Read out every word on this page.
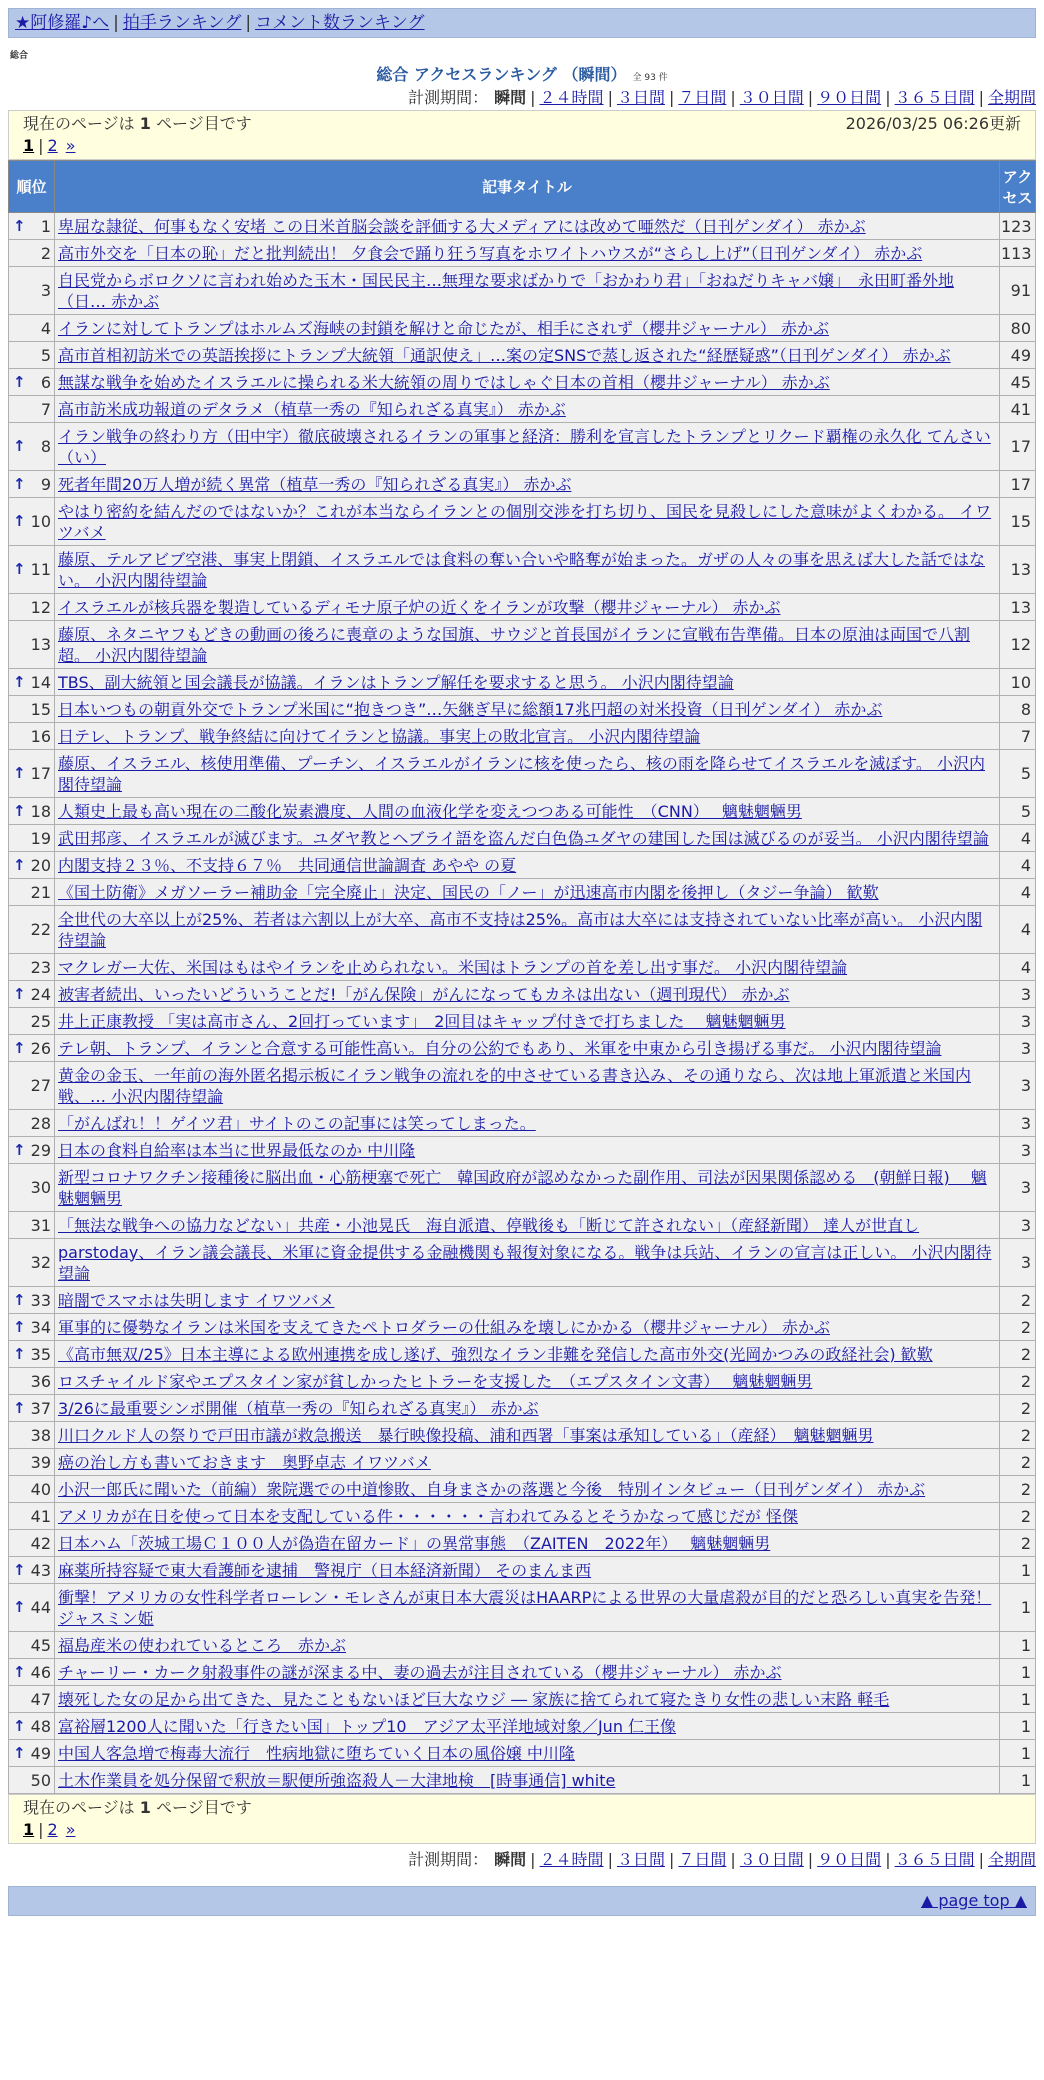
★阿修羅♪へ | 拍手ランキング | コメント数ランキング
総合
総合 アクセスランキング （瞬間） 全 93 件
計測期間： 瞬間 | ２４時間 | ３日間 | ７日間 | ３０日間 | ９０日間 | ３６５日間 | 全期間
現在のページは 1 ページ目です	2026/03/25 06:26更新
1 | 2 »
順位	記事タイトル	アクセス

↑ 1	卑屈な隷従、何事もなく安堵 この日米首脳会談を評価する大メディアには改めて唖然だ（日刊ゲンダイ） 赤かぶ	123
2	高市外交を「日本の恥」だと批判続出！ 夕食会で踊り狂う写真をホワイトハウスが“さらし上げ”（日刊ゲンダイ） 赤かぶ	113
3	自民党からボロクソに言われ始めた玉木・国民民主…無理な要求ばかりで「おかわり君」「おねだりキャバ嬢」　永田町番外地（日… 赤かぶ	91
4	イランに対してトランプはホルムズ海峡の封鎖を解けと命じたが、相手にされず（櫻井ジャーナル） 赤かぶ	80
5	高市首相初訪米での英語挨拶にトランプ大統領「通訳使え」…案の定SNSで蒸し返された“経歴疑惑”（日刊ゲンダイ） 赤かぶ	49

↑ 6	無謀な戦争を始めたイスラエルに操られる米大統領の周りではしゃぐ日本の首相（櫻井ジャーナル） 赤かぶ	45
7	高市訪米成功報道のデタラメ（植草一秀の『知られざる真実』） 赤かぶ	41

↑ 8	イラン戦争の終わり方（田中宇）徹底破壊されるイランの軍事と経済：勝利を宣言したトランプとリクード覇権の永久化 てんさい（い）	17

↑ 9	死者年間20万人増が続く異常（植草一秀の『知られざる真実』） 赤かぶ	17

↑ 10	やはり密約を結んだのではないか？これが本当ならイランとの個別交渉を打ち切り、国民を見殺しにした意味がよくわかる。 イワツバメ	15

↑ 11	藤原、テルアビブ空港、事実上閉鎖、イスラエルでは食料の奪い合いや略奪が始まった。ガザの人々の事を思えば大した話ではない。 小沢内閣待望論	13
12	イスラエルが核兵器を製造しているディモナ原子炉の近くをイランが攻撃（櫻井ジャーナル） 赤かぶ	13
13	藤原、ネタニヤフもどきの動画の後ろに喪章のような国旗、サウジと首長国がイランに宣戦布告準備。日本の原油は両国で八割超。 小沢内閣待望論	12

↑ 14	TBS、副大統領と国会議長が協議。イランはトランプ解任を要求すると思う。 小沢内閣待望論	10
15	日本いつもの朝貢外交でトランプ米国に“抱きつき”…矢継ぎ早に総額17兆円超の対米投資（日刊ゲンダイ） 赤かぶ	8
16	日テレ、トランプ、戦争終結に向けてイランと協議。事実上の敗北宣言。 小沢内閣待望論	7

↑ 17	藤原、イスラエル、核使用準備、プーチン、イスラエルがイランに核を使ったら、核の雨を降らせてイスラエルを滅ぼす。 小沢内閣待望論	5

↑ 18	人類史上最も高い現在の二酸化炭素濃度、人間の血液化学を変えつつある可能性　（CNN）　 魑魅魍魎男	5
19	武田邦彦、イスラエルが滅びます。ユダヤ教とヘブライ語を盗んだ白色偽ユダヤの建国した国は滅びるのが妥当。 小沢内閣待望論	4

↑ 20	内閣支持２３％、不支持６７％　共同通信世論調査 あやや の夏	4
21	《国土防衛》メガソーラー補助金「完全廃止」決定、国民の「ノー」が迅速高市内閣を後押し（タジー争論） 歓歎	4
22	全世代の大卒以上が25%、若者は六割以上が大卒、高市不支持は25%。高市は大卒には支持されていない比率が高い。 小沢内閣待望論	4
23	マクレガー大佐、米国はもはやイランを止められない。米国はトランプの首を差し出す事だ。 小沢内閣待望論	4

↑ 24	被害者続出、いったいどういうことだ!「がん保険」がんになってもカネは出ない（週刊現代） 赤かぶ	3
25	井上正康教授 「実は高市さん、2回打っています」　2回目はキャップ付きで打ちました　 魑魅魍魎男	3

↑ 26	テレ朝、トランプ、イランと合意する可能性高い。自分の公約でもあり、米軍を中東から引き揚げる事だ。 小沢内閣待望論	3
27	黄金の金玉、一年前の海外匿名掲示板にイラン戦争の流れを的中させている書き込み、その通りなら、次は地上軍派遣と米国内戦、… 小沢内閣待望論	3
28	「がんばれ！！ゲイツ君」サイトのこの記事には笑ってしまった。	3

↑ 29	日本の食料自給率は本当に世界最低なのか 中川隆	3
30	新型コロナワクチン接種後に脳出血・心筋梗塞で死亡　韓国政府が認めなかった副作用、司法が因果関係認める　(朝鮮日報)　 魑魅魍魎男	3
31	「無法な戦争への協力などない」共産・小池晃氏　海自派遣、停戦後も「断じて許されない」（産経新聞） 達人が世直し	3
32	parstoday、イラン議会議長、米軍に資金提供する金融機関も報復対象になる。戦争は兵站、イランの宣言は正しい。 小沢内閣待望論	3

↑ 33	暗闇でスマホは失明します イワツバメ	2

↑ 34	軍事的に優勢なイランは米国を支えてきたペトロダラーの仕組みを壊しにかかる（櫻井ジャーナル） 赤かぶ	2

↑ 35	《高市無双/25》日本主導による欧州連携を成し遂げ、強烈なイラン非難を発信した高市外交(光岡かつみの政経社会) 歓歎	2
36	ロスチャイルド家やエプスタイン家が貧しかったヒトラーを支援した　（エプスタイン文書）　 魑魅魍魎男	2

↑ 37	3/26に最重要シンポ開催（植草一秀の『知られざる真実』） 赤かぶ	2
38	川口クルド人の祭りで戸田市議が救急搬送　暴行映像投稿、浦和西署「事案は承知している」（産経）　魑魅魍魎男	2
39	癌の治し方も書いておきます　奥野卓志 イワツバメ	2
40	小沢一郎氏に聞いた（前編）衆院選での中道惨敗、自身まさかの落選と今後　特別インタビュー（日刊ゲンダイ） 赤かぶ	2
41	アメリカが在日を使って日本を支配している件・・・・・・言われてみるとそうかなって感じだが 怪傑	2
42	日本ハム「茨城工場Ｃ１００人が偽造在留カード」の異常事態　（ZAITEN　2022年）　 魑魅魍魎男	2

↑ 43	麻薬所持容疑で東大看護師を逮捕　警視庁（日本経済新聞） そのまんま西	1

↑ 44	衝撃！アメリカの女性科学者ローレン・モレさんが東日本大震災はHAARPによる世界の大量虐殺が目的だと恐ろしい真実を告発！ ジャスミン姫	1
45	福島産米の使われているところ　赤かぶ	1

↑ 46	チャーリー・カーク射殺事件の謎が深まる中、妻の過去が注目されている（櫻井ジャーナル） 赤かぶ	1
47	壊死した女の足から出てきた、見たこともないほど巨大なウジ ― 家族に捨てられて寝たきり女性の悲しい末路 軽毛	1

↑ 48	富裕層1200人に聞いた「行きたい国」トップ10　アジア太平洋地域対象／Jun 仁王像	1

↑ 49	中国人客急増で梅毒大流行　性病地獄に堕ちていく日本の風俗嬢 中川隆	1
50	土木作業員を処分保留で釈放＝駅便所強盗殺人－大津地検　[時事通信] white	1
現在のページは 1 ページ目です
1 | 2 »
計測期間： 瞬間 | ２４時間 | ３日間 | ７日間 | ３０日間 | ９０日間 | ３６５日間 | 全期間
▲ page top ▲
